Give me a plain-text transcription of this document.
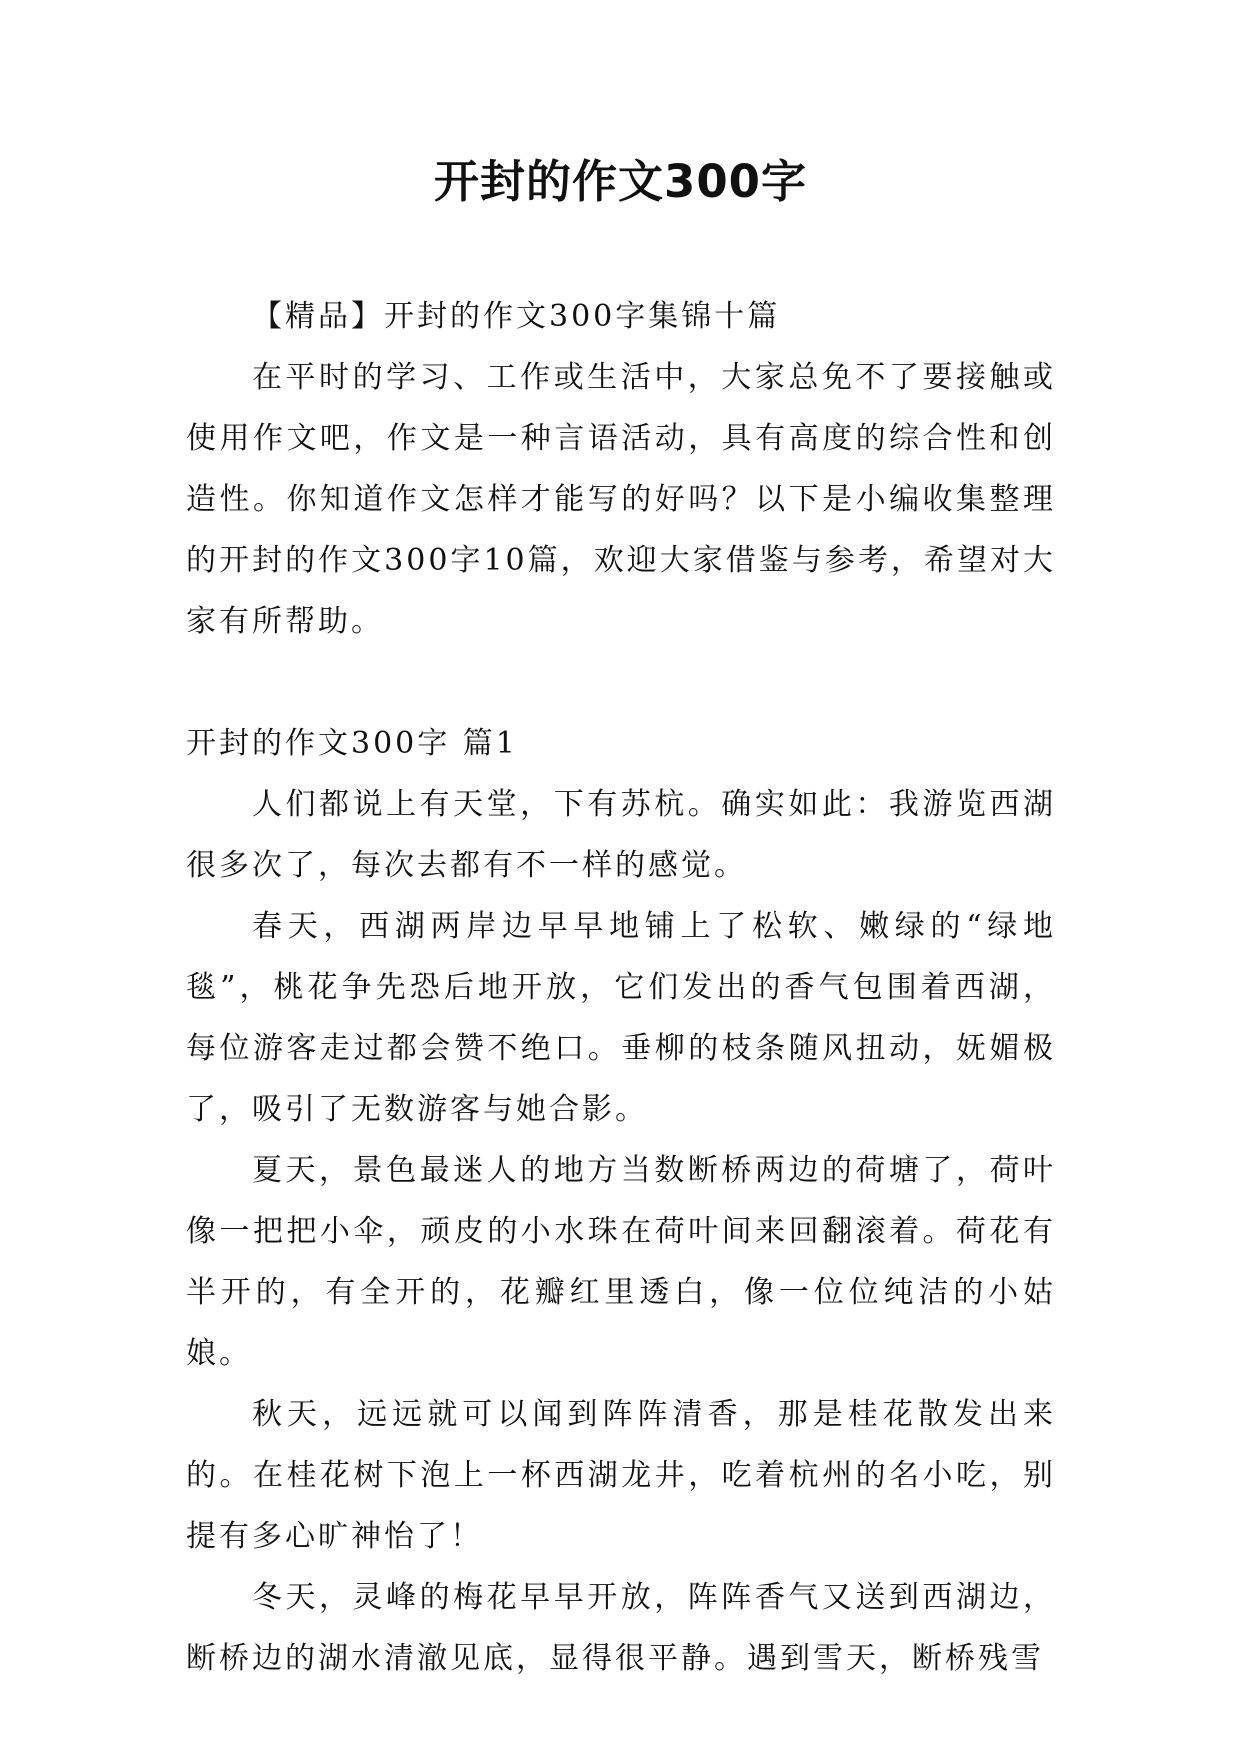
开封的作文300字

【精品】开封的作文300字集锦十篇

在平时的学习、工作或生活中，大家总免不了要接触或使用作文吧，作文是一种言语活动，具有高度的综合性和创造性。你知道作文怎样才能写的好吗？以下是小编收集整理的开封的作文300字10篇，欢迎大家借鉴与参考，希望对大家有所帮助。

开封的作文300字 篇1

人们都说上有天堂，下有苏杭。确实如此：我游览西湖很多次了，每次去都有不一样的感觉。

春天，西湖两岸边早早地铺上了松软、嫩绿的“绿地毯”，桃花争先恐后地开放，它们发出的香气包围着西湖，每位游客走过都会赞不绝口。垂柳的枝条随风扭动，妩媚极了，吸引了无数游客与她合影。

夏天，景色最迷人的地方当数断桥两边的荷塘了，荷叶像一把把小伞，顽皮的小水珠在荷叶间来回翻滚着。荷花有半开的，有全开的，花瓣红里透白，像一位位纯洁的小姑娘。

秋天，远远就可以闻到阵阵清香，那是桂花散发出来的。在桂花树下泡上一杯西湖龙井，吃着杭州的名小吃，别提有多心旷神怡了！

冬天，灵峰的梅花早早开放，阵阵香气又送到西湖边，断桥边的湖水清澈见底，显得很平静。遇到雪天，断桥残雪
